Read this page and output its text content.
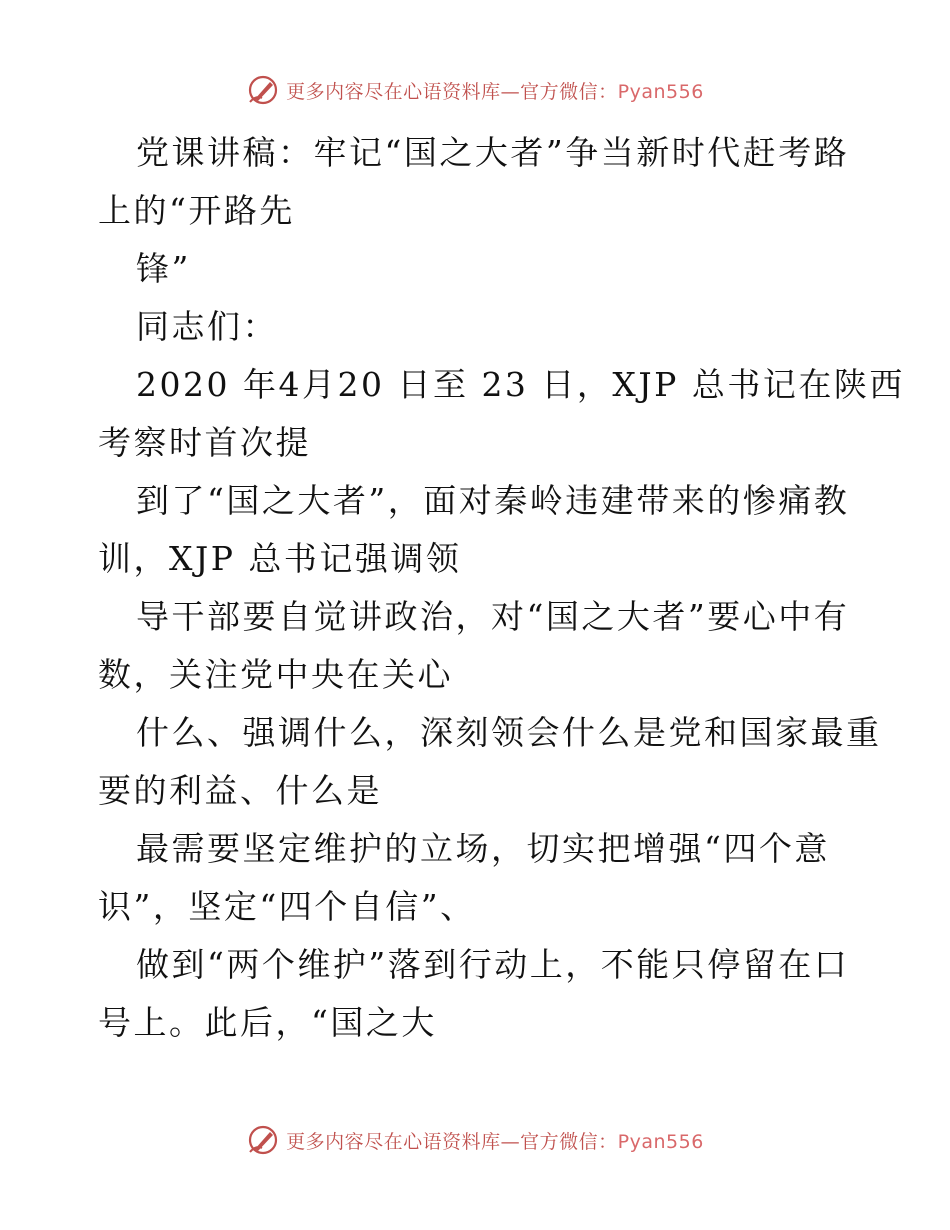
更多内容尽在心语资料库—官方微信：Pyan556
党课讲稿：牢记“国之大者”争当新时代赶考路
上的“开路先
锋”
同志们：
2020 年4月20 日至 23 日，XJP 总书记在陕西
考察时首次提
到了“国之大者”，面对秦岭违建带来的惨痛教
训，XJP 总书记强调领
导干部要自觉讲政治，对“国之大者”要心中有
数，关注党中央在关心
什么、强调什么，深刻领会什么是党和国家最重
要的利益、什么是
最需要坚定维护的立场，切实把增强“四个意
识”，坚定“四个自信”、
做到“两个维护”落到行动上，不能只停留在口
号上。此后，“国之大
更多内容尽在心语资料库—官方微信：Pyan556
